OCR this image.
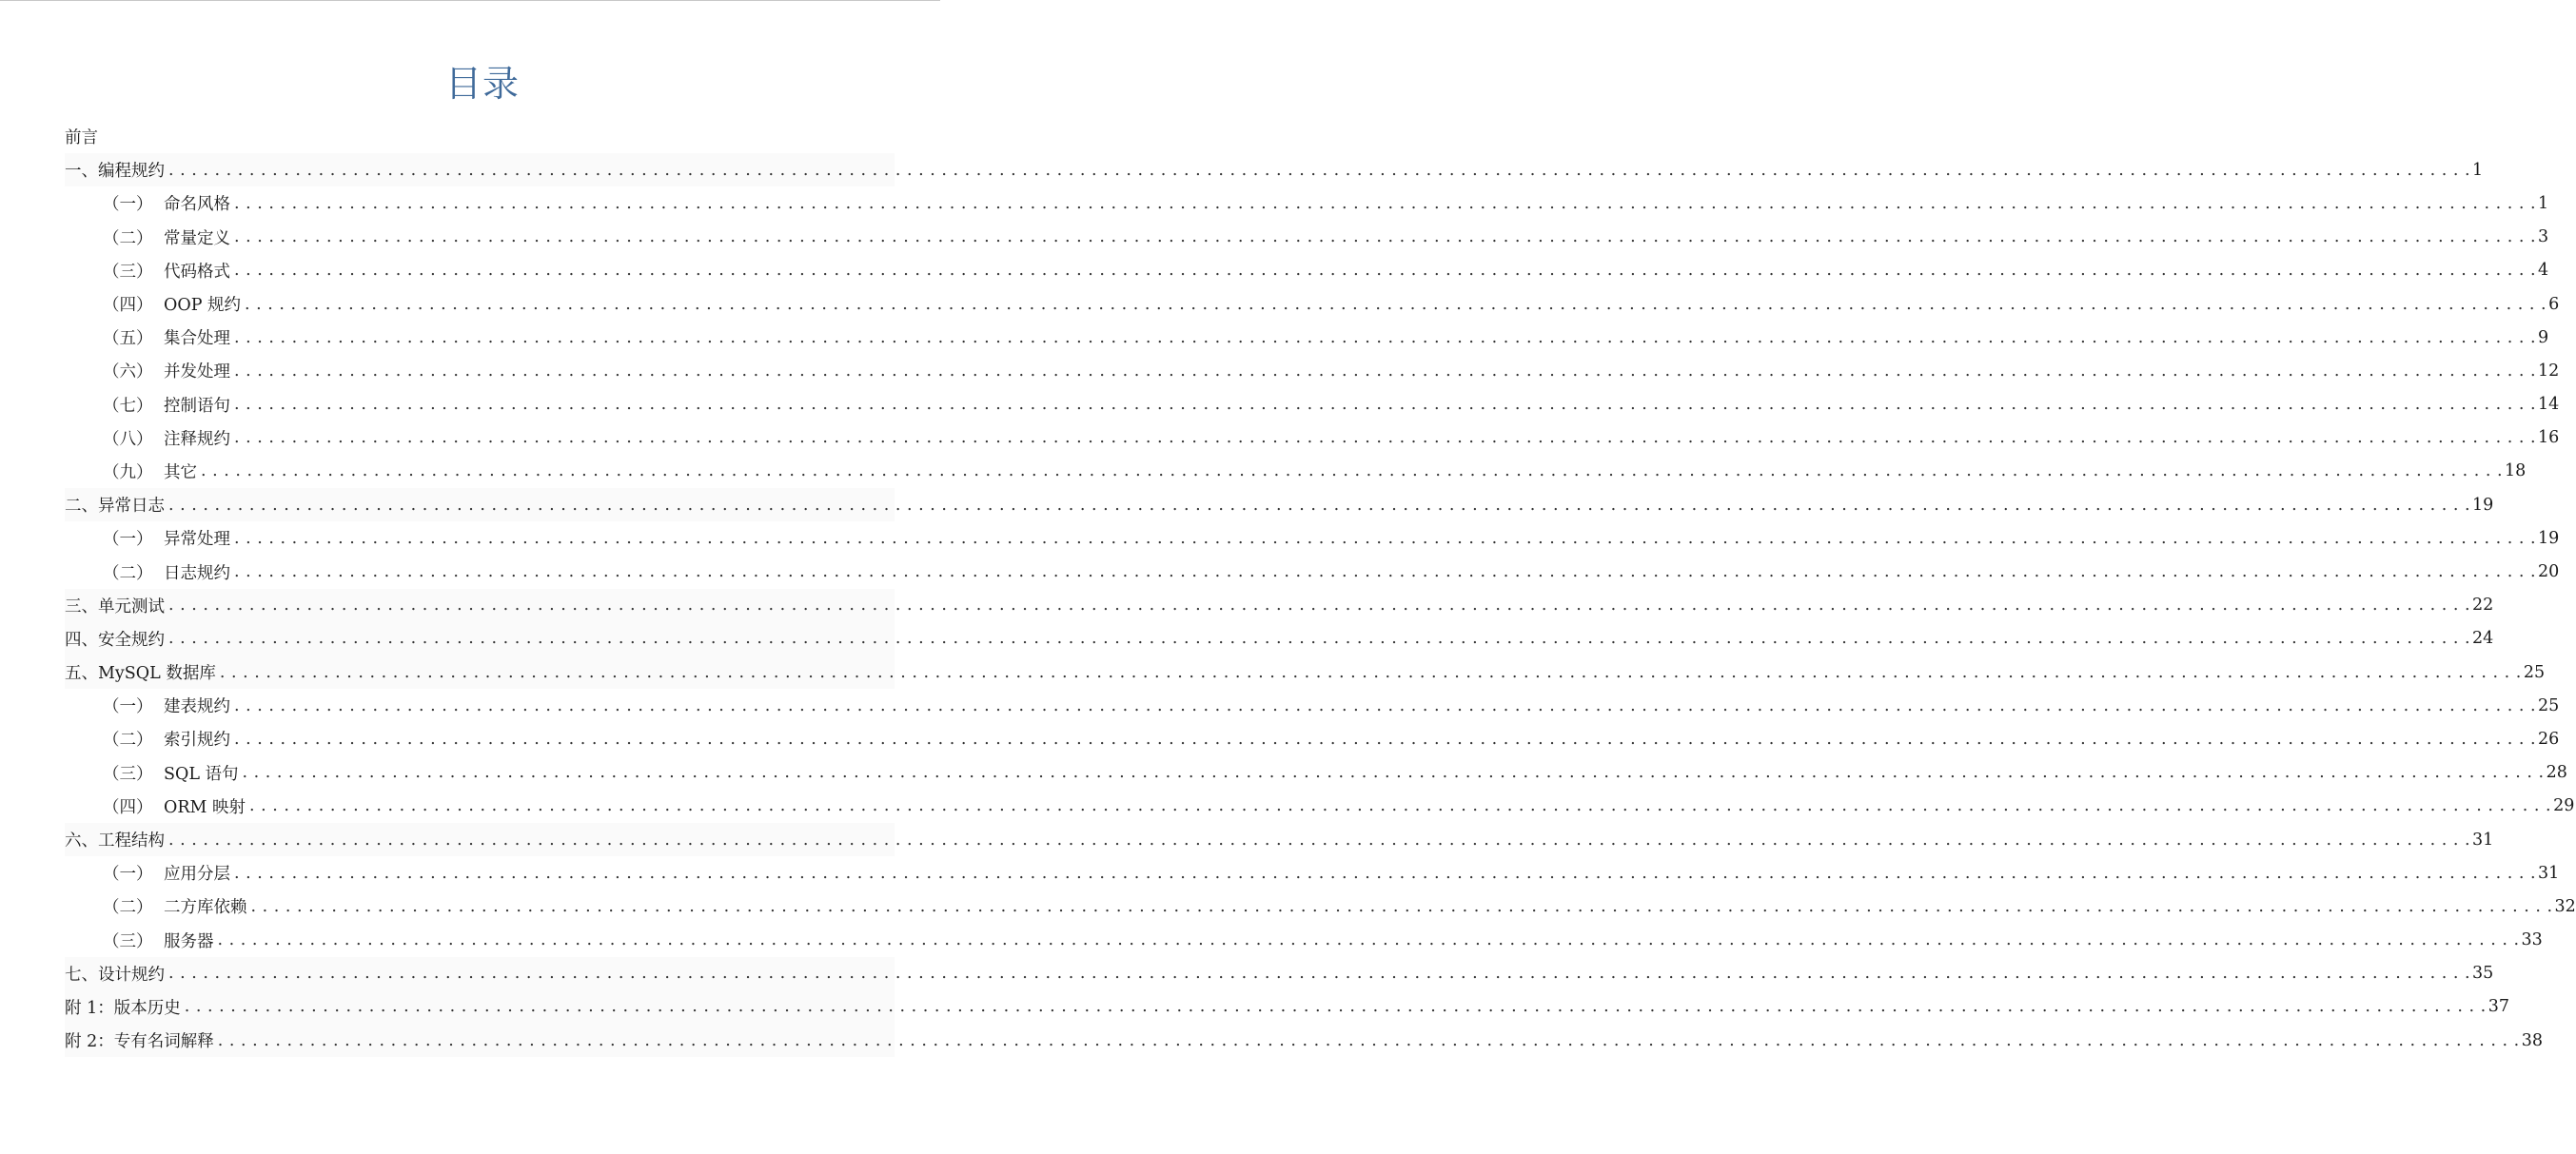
目录
前言
一、编程规约 . . . . . . . . . . . . . . . . . . . . . . . . . . . . . . . . . . . . . . . . . . . . . . . . . . . . . . . . . . . . . . . . . . . . . . . . . . . . . . . . . . . . . . . . . . . . . . . . . . . . . . . . . . . . . . . . . . . . . . . . . . . . . . . . . . . . . . . . . . . . . . . . . . . . . . . . . . . . . . . . . . . . . . . . . . . . . . . . . . . . . . . . . . . . . . . . . . . . . . . . 1
（一） 命名风格 . . . . . . . . . . . . . . . . . . . . . . . . . . . . . . . . . . . . . . . . . . . . . . . . . . . . . . . . . . . . . . . . . . . . . . . . . . . . . . . . . . . . . . . . . . . . . . . . . . . . . . . . . . . . . . . . . . . . . . . . . . . . . . . . . . . . . . . . . . . . . . . . . . . . . . . . . . . . . . . . . . . . . . . . . . . . . . . . . . . . . . . . . . . . . . . . . . . . . . . . 1
（二） 常量定义 . . . . . . . . . . . . . . . . . . . . . . . . . . . . . . . . . . . . . . . . . . . . . . . . . . . . . . . . . . . . . . . . . . . . . . . . . . . . . . . . . . . . . . . . . . . . . . . . . . . . . . . . . . . . . . . . . . . . . . . . . . . . . . . . . . . . . . . . . . . . . . . . . . . . . . . . . . . . . . . . . . . . . . . . . . . . . . . . . . . . . . . . . . . . . . . . . . . . . . . . 3
（三） 代码格式 . . . . . . . . . . . . . . . . . . . . . . . . . . . . . . . . . . . . . . . . . . . . . . . . . . . . . . . . . . . . . . . . . . . . . . . . . . . . . . . . . . . . . . . . . . . . . . . . . . . . . . . . . . . . . . . . . . . . . . . . . . . . . . . . . . . . . . . . . . . . . . . . . . . . . . . . . . . . . . . . . . . . . . . . . . . . . . . . . . . . . . . . . . . . . . . . . . . . . . . . 4
（四） OOP 规约 . . . . . . . . . . . . . . . . . . . . . . . . . . . . . . . . . . . . . . . . . . . . . . . . . . . . . . . . . . . . . . . . . . . . . . . . . . . . . . . . . . . . . . . . . . . . . . . . . . . . . . . . . . . . . . . . . . . . . . . . . . . . . . . . . . . . . . . . . . . . . . . . . . . . . . . . . . . . . . . . . . . . . . . . . . . . . . . . . . . . . . . . . . . . . . . . . . . . . . . . 6
（五） 集合处理 . . . . . . . . . . . . . . . . . . . . . . . . . . . . . . . . . . . . . . . . . . . . . . . . . . . . . . . . . . . . . . . . . . . . . . . . . . . . . . . . . . . . . . . . . . . . . . . . . . . . . . . . . . . . . . . . . . . . . . . . . . . . . . . . . . . . . . . . . . . . . . . . . . . . . . . . . . . . . . . . . . . . . . . . . . . . . . . . . . . . . . . . . . . . . . . . . . . . . . . . 9
（六） 并发处理 . . . . . . . . . . . . . . . . . . . . . . . . . . . . . . . . . . . . . . . . . . . . . . . . . . . . . . . . . . . . . . . . . . . . . . . . . . . . . . . . . . . . . . . . . . . . . . . . . . . . . . . . . . . . . . . . . . . . . . . . . . . . . . . . . . . . . . . . . . . . . . . . . . . . . . . . . . . . . . . . . . . . . . . . . . . . . . . . . . . . . . . . . . . . . . . . . . . . . . . . 12
（七） 控制语句 . . . . . . . . . . . . . . . . . . . . . . . . . . . . . . . . . . . . . . . . . . . . . . . . . . . . . . . . . . . . . . . . . . . . . . . . . . . . . . . . . . . . . . . . . . . . . . . . . . . . . . . . . . . . . . . . . . . . . . . . . . . . . . . . . . . . . . . . . . . . . . . . . . . . . . . . . . . . . . . . . . . . . . . . . . . . . . . . . . . . . . . . . . . . . . . . . . . . . . . . 14
（八） 注释规约 . . . . . . . . . . . . . . . . . . . . . . . . . . . . . . . . . . . . . . . . . . . . . . . . . . . . . . . . . . . . . . . . . . . . . . . . . . . . . . . . . . . . . . . . . . . . . . . . . . . . . . . . . . . . . . . . . . . . . . . . . . . . . . . . . . . . . . . . . . . . . . . . . . . . . . . . . . . . . . . . . . . . . . . . . . . . . . . . . . . . . . . . . . . . . . . . . . . . . . . . 16
（九） 其它 . . . . . . . . . . . . . . . . . . . . . . . . . . . . . . . . . . . . . . . . . . . . . . . . . . . . . . . . . . . . . . . . . . . . . . . . . . . . . . . . . . . . . . . . . . . . . . . . . . . . . . . . . . . . . . . . . . . . . . . . . . . . . . . . . . . . . . . . . . . . . . . . . . . . . . . . . . . . . . . . . . . . . . . . . . . . . . . . . . . . . . . . . . . . . . . . . . . . . . . . 18
二、异常日志 . . . . . . . . . . . . . . . . . . . . . . . . . . . . . . . . . . . . . . . . . . . . . . . . . . . . . . . . . . . . . . . . . . . . . . . . . . . . . . . . . . . . . . . . . . . . . . . . . . . . . . . . . . . . . . . . . . . . . . . . . . . . . . . . . . . . . . . . . . . . . . . . . . . . . . . . . . . . . . . . . . . . . . . . . . . . . . . . . . . . . . . . . . . . . . . . . . . . . . . . 19
（一） 异常处理 . . . . . . . . . . . . . . . . . . . . . . . . . . . . . . . . . . . . . . . . . . . . . . . . . . . . . . . . . . . . . . . . . . . . . . . . . . . . . . . . . . . . . . . . . . . . . . . . . . . . . . . . . . . . . . . . . . . . . . . . . . . . . . . . . . . . . . . . . . . . . . . . . . . . . . . . . . . . . . . . . . . . . . . . . . . . . . . . . . . . . . . . . . . . . . . . . . . . . . . . 19
（二） 日志规约 . . . . . . . . . . . . . . . . . . . . . . . . . . . . . . . . . . . . . . . . . . . . . . . . . . . . . . . . . . . . . . . . . . . . . . . . . . . . . . . . . . . . . . . . . . . . . . . . . . . . . . . . . . . . . . . . . . . . . . . . . . . . . . . . . . . . . . . . . . . . . . . . . . . . . . . . . . . . . . . . . . . . . . . . . . . . . . . . . . . . . . . . . . . . . . . . . . . . . . . . 20
三、单元测试 . . . . . . . . . . . . . . . . . . . . . . . . . . . . . . . . . . . . . . . . . . . . . . . . . . . . . . . . . . . . . . . . . . . . . . . . . . . . . . . . . . . . . . . . . . . . . . . . . . . . . . . . . . . . . . . . . . . . . . . . . . . . . . . . . . . . . . . . . . . . . . . . . . . . . . . . . . . . . . . . . . . . . . . . . . . . . . . . . . . . . . . . . . . . . . . . . . . . . . . . 22
四、安全规约 . . . . . . . . . . . . . . . . . . . . . . . . . . . . . . . . . . . . . . . . . . . . . . . . . . . . . . . . . . . . . . . . . . . . . . . . . . . . . . . . . . . . . . . . . . . . . . . . . . . . . . . . . . . . . . . . . . . . . . . . . . . . . . . . . . . . . . . . . . . . . . . . . . . . . . . . . . . . . . . . . . . . . . . . . . . . . . . . . . . . . . . . . . . . . . . . . . . . . . . . 24
五、MySQL 数据库 . . . . . . . . . . . . . . . . . . . . . . . . . . . . . . . . . . . . . . . . . . . . . . . . . . . . . . . . . . . . . . . . . . . . . . . . . . . . . . . . . . . . . . . . . . . . . . . . . . . . . . . . . . . . . . . . . . . . . . . . . . . . . . . . . . . . . . . . . . . . . . . . . . . . . . . . . . . . . . . . . . . . . . . . . . . . . . . . . . . . . . . . . . . . . . . . . . . . . . . . 25
（一） 建表规约 . . . . . . . . . . . . . . . . . . . . . . . . . . . . . . . . . . . . . . . . . . . . . . . . . . . . . . . . . . . . . . . . . . . . . . . . . . . . . . . . . . . . . . . . . . . . . . . . . . . . . . . . . . . . . . . . . . . . . . . . . . . . . . . . . . . . . . . . . . . . . . . . . . . . . . . . . . . . . . . . . . . . . . . . . . . . . . . . . . . . . . . . . . . . . . . . . . . . . . . . 25
（二） 索引规约 . . . . . . . . . . . . . . . . . . . . . . . . . . . . . . . . . . . . . . . . . . . . . . . . . . . . . . . . . . . . . . . . . . . . . . . . . . . . . . . . . . . . . . . . . . . . . . . . . . . . . . . . . . . . . . . . . . . . . . . . . . . . . . . . . . . . . . . . . . . . . . . . . . . . . . . . . . . . . . . . . . . . . . . . . . . . . . . . . . . . . . . . . . . . . . . . . . . . . . . . 26
（三） SQL 语句 . . . . . . . . . . . . . . . . . . . . . . . . . . . . . . . . . . . . . . . . . . . . . . . . . . . . . . . . . . . . . . . . . . . . . . . . . . . . . . . . . . . . . . . . . . . . . . . . . . . . . . . . . . . . . . . . . . . . . . . . . . . . . . . . . . . . . . . . . . . . . . . . . . . . . . . . . . . . . . . . . . . . . . . . . . . . . . . . . . . . . . . . . . . . . . . . . . . . . . . . 28
（四） ORM 映射 . . . . . . . . . . . . . . . . . . . . . . . . . . . . . . . . . . . . . . . . . . . . . . . . . . . . . . . . . . . . . . . . . . . . . . . . . . . . . . . . . . . . . . . . . . . . . . . . . . . . . . . . . . . . . . . . . . . . . . . . . . . . . . . . . . . . . . . . . . . . . . . . . . . . . . . . . . . . . . . . . . . . . . . . . . . . . . . . . . . . . . . . . . . . . . . . . . . . . . . . 29
六、工程结构 . . . . . . . . . . . . . . . . . . . . . . . . . . . . . . . . . . . . . . . . . . . . . . . . . . . . . . . . . . . . . . . . . . . . . . . . . . . . . . . . . . . . . . . . . . . . . . . . . . . . . . . . . . . . . . . . . . . . . . . . . . . . . . . . . . . . . . . . . . . . . . . . . . . . . . . . . . . . . . . . . . . . . . . . . . . . . . . . . . . . . . . . . . . . . . . . . . . . . . . . 31
（一） 应用分层 . . . . . . . . . . . . . . . . . . . . . . . . . . . . . . . . . . . . . . . . . . . . . . . . . . . . . . . . . . . . . . . . . . . . . . . . . . . . . . . . . . . . . . . . . . . . . . . . . . . . . . . . . . . . . . . . . . . . . . . . . . . . . . . . . . . . . . . . . . . . . . . . . . . . . . . . . . . . . . . . . . . . . . . . . . . . . . . . . . . . . . . . . . . . . . . . . . . . . . . . 31
（二） 二方库依赖 . . . . . . . . . . . . . . . . . . . . . . . . . . . . . . . . . . . . . . . . . . . . . . . . . . . . . . . . . . . . . . . . . . . . . . . . . . . . . . . . . . . . . . . . . . . . . . . . . . . . . . . . . . . . . . . . . . . . . . . . . . . . . . . . . . . . . . . . . . . . . . . . . . . . . . . . . . . . . . . . . . . . . . . . . . . . . . . . . . . . . . . . . . . . . . . . . . . . . . . . 32
（三） 服务器 . . . . . . . . . . . . . . . . . . . . . . . . . . . . . . . . . . . . . . . . . . . . . . . . . . . . . . . . . . . . . . . . . . . . . . . . . . . . . . . . . . . . . . . . . . . . . . . . . . . . . . . . . . . . . . . . . . . . . . . . . . . . . . . . . . . . . . . . . . . . . . . . . . . . . . . . . . . . . . . . . . . . . . . . . . . . . . . . . . . . . . . . . . . . . . . . . . . . . . . . 33
七、设计规约 . . . . . . . . . . . . . . . . . . . . . . . . . . . . . . . . . . . . . . . . . . . . . . . . . . . . . . . . . . . . . . . . . . . . . . . . . . . . . . . . . . . . . . . . . . . . . . . . . . . . . . . . . . . . . . . . . . . . . . . . . . . . . . . . . . . . . . . . . . . . . . . . . . . . . . . . . . . . . . . . . . . . . . . . . . . . . . . . . . . . . . . . . . . . . . . . . . . . . . . . 35
附 1：版本历史 . . . . . . . . . . . . . . . . . . . . . . . . . . . . . . . . . . . . . . . . . . . . . . . . . . . . . . . . . . . . . . . . . . . . . . . . . . . . . . . . . . . . . . . . . . . . . . . . . . . . . . . . . . . . . . . . . . . . . . . . . . . . . . . . . . . . . . . . . . . . . . . . . . . . . . . . . . . . . . . . . . . . . . . . . . . . . . . . . . . . . . . . . . . . . . . . . . . . . . . . 37
附 2：专有名词解释 . . . . . . . . . . . . . . . . . . . . . . . . . . . . . . . . . . . . . . . . . . . . . . . . . . . . . . . . . . . . . . . . . . . . . . . . . . . . . . . . . . . . . . . . . . . . . . . . . . . . . . . . . . . . . . . . . . . . . . . . . . . . . . . . . . . . . . . . . . . . . . . . . . . . . . . . . . . . . . . . . . . . . . . . . . . . . . . . . . . . . . . . . . . . . . . . . . . . . . . . 38
